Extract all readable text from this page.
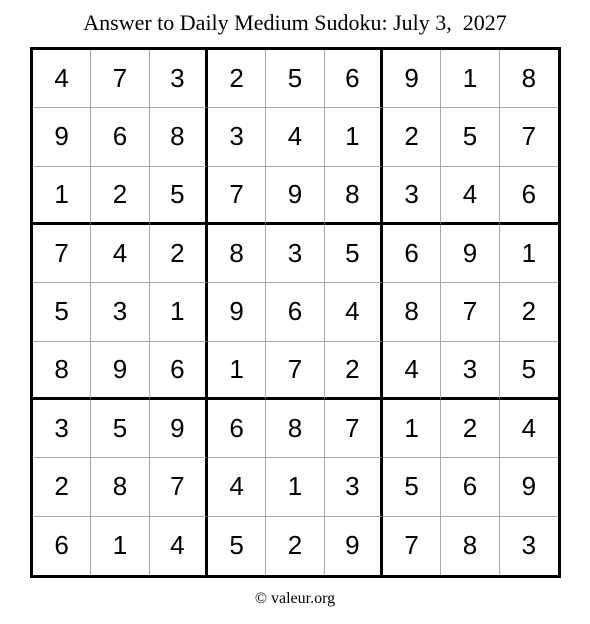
Answer to Daily Medium Sudoku: July 3,  2027
4	7	3	2	5	6	9	1	8
9	6	8	3	4	1	2	5	7
1	2	5	7	9	8	3	4	6
7	4	2	8	3	5	6	9	1
5	3	1	9	6	4	8	7	2
8	9	6	1	7	2	4	3	5
3	5	9	6	8	7	1	2	4
2	8	7	4	1	3	5	6	9
6	1	4	5	2	9	7	8	3
© valeur.org
